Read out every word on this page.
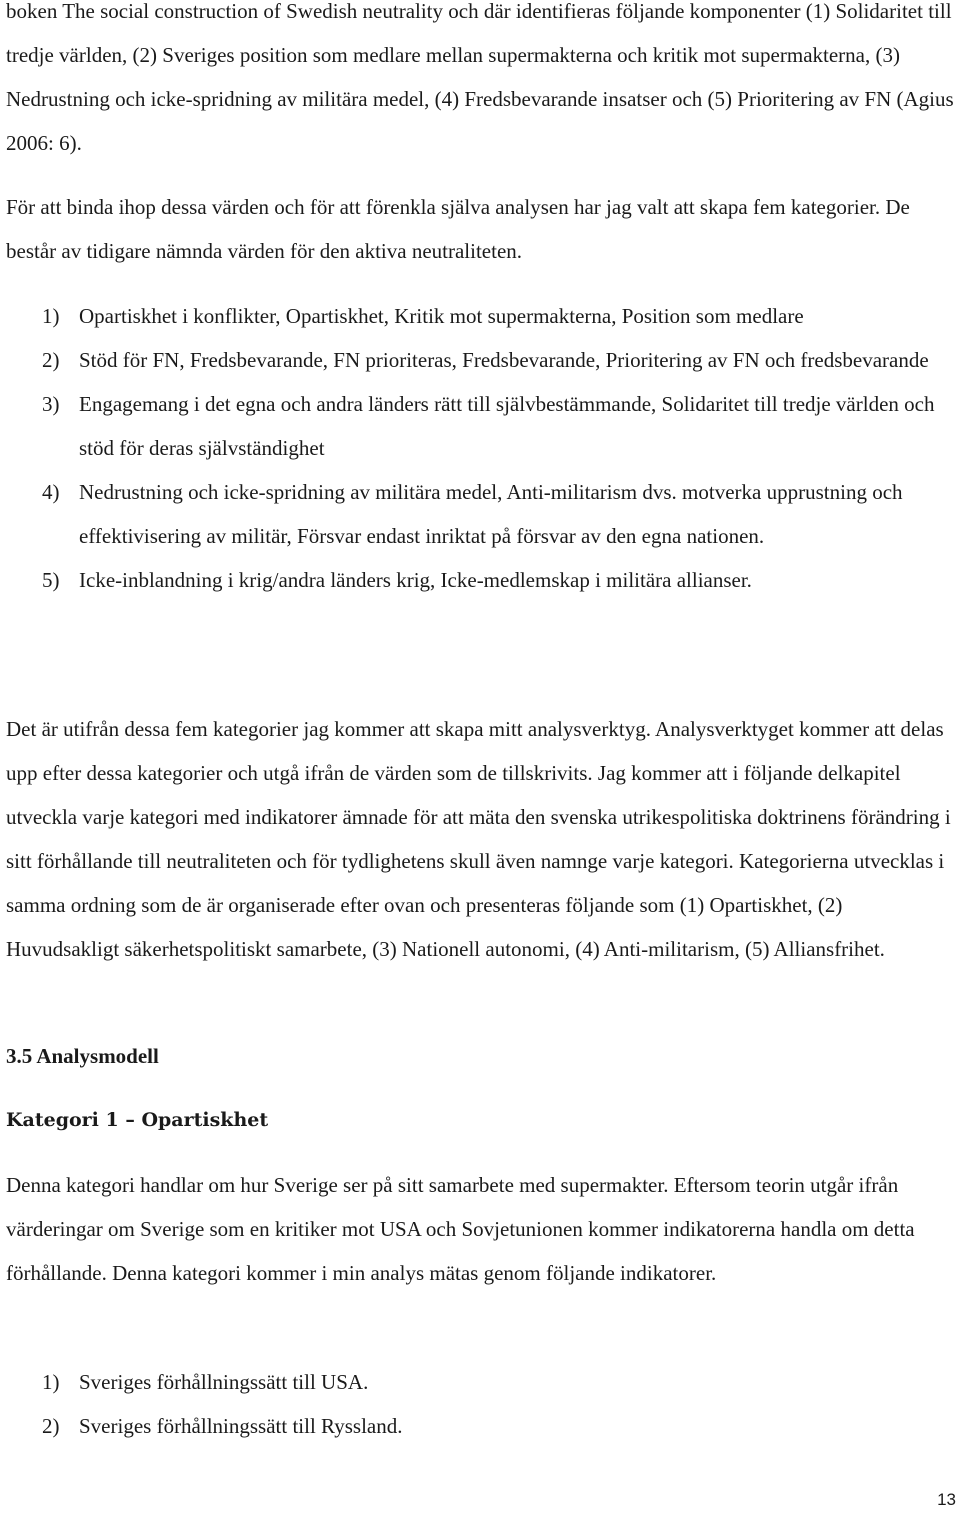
boken The social construction of Swedish neutrality och där identifieras följande komponenter (1) Solidaritet till tredje världen, (2) Sveriges position som medlare mellan supermakterna och kritik mot supermakterna, (3) Nedrustning och icke-spridning av militära medel, (4) Fredsbevarande insatser och (5) Prioritering av FN (Agius 2006: 6).

För att binda ihop dessa värden och för att förenkla själva analysen har jag valt att skapa fem kategorier. De består av tidigare nämnda värden för den aktiva neutraliteten.

1) Opartiskhet i konflikter, Opartiskhet, Kritik mot supermakterna, Position som medlare
2) Stöd för FN, Fredsbevarande, FN prioriteras, Fredsbevarande, Prioritering av FN och fredsbevarande
3) Engagemang i det egna och andra länders rätt till självbestämmande, Solidaritet till tredje världen och stöd för deras självständighet
4) Nedrustning och icke-spridning av militära medel, Anti-militarism dvs. motverka upprustning och effektivisering av militär, Försvar endast inriktat på försvar av den egna nationen.
5) Icke-inblandning i krig/andra länders krig, Icke-medlemskap i militära allianser.

Det är utifrån dessa fem kategorier jag kommer att skapa mitt analysverktyg. Analysverktyget kommer att delas upp efter dessa kategorier och utgå ifrån de värden som de tillskrivits. Jag kommer att i följande delkapitel utveckla varje kategori med indikatorer ämnade för att mäta den svenska utrikespolitiska doktrinens förändring i sitt förhållande till neutraliteten och för tydlighetens skull även namnge varje kategori. Kategorierna utvecklas i samma ordning som de är organiserade efter ovan och presenteras följande som (1) Opartiskhet, (2) Huvudsakligt säkerhetspolitiskt samarbete, (3) Nationell autonomi, (4) Anti-militarism, (5) Alliansfrihet.

3.5 Analysmodell
Kategori 1 – Opartiskhet

Denna kategori handlar om hur Sverige ser på sitt samarbete med supermakter. Eftersom teorin utgår ifrån värderingar om Sverige som en kritiker mot USA och Sovjetunionen kommer indikatorerna handla om detta förhållande. Denna kategori kommer i min analys mätas genom följande indikatorer.

1) Sveriges förhållningssätt till USA.
2) Sveriges förhållningssätt till Ryssland.
13
